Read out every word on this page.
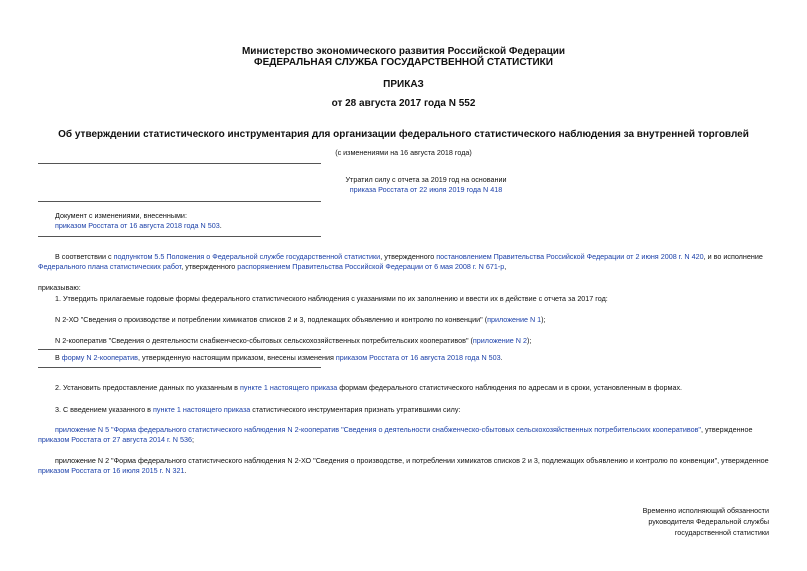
Министерство экономического развития Российской Федерации
ФЕДЕРАЛЬНАЯ СЛУЖБА ГОСУДАРСТВЕННОЙ СТАТИСТИКИ
ПРИКАЗ
от 28 августа 2017 года N 552
Об утверждении статистического инструментария для организации федерального статистического наблюдения за внутренней торговлей
(с изменениями на 16 августа 2018 года)
Утратил силу с отчета за 2019 год на основании
приказа Росстата от 22 июля 2019 года N 418
Документ с изменениями, внесенными:
приказом Росстата от 16 августа 2018 года N 503.
В соответствии с подпунктом 5.5 Положения о Федеральной службе государственной статистики, утвержденного постановлением Правительства Российской Федерации от 2 июня 2008 г. N 420, и во исполнение
Федерального плана статистических работ, утвержденного распоряжением Правительства Российской Федерации от 6 мая 2008 г. N 671-р,
приказываю:
1. Утвердить прилагаемые годовые формы федерального статистического наблюдения с указаниями по их заполнению и ввести их в действие с отчета за 2017 год:
N 2-ХО "Сведения о производстве и потреблении химикатов списков 2 и 3, подлежащих объявлению и контролю по конвенции" (приложение N 1);
N 2-кооператив "Сведения о деятельности снабженческо-сбытовых сельскохозяйственных потребительских кооперативов" (приложение N 2);
В форму N 2-кооператив, утвержденную настоящим приказом, внесены изменения приказом Росстата от 16 августа 2018 года N 503.
2. Установить предоставление данных по указанным в пункте 1 настоящего приказа формам федерального статистического наблюдения по адресам и в сроки, установленным в формах.
3. С введением указанного в пункте 1 настоящего приказа статистического инструментария признать утратившими силу:
приложение N 5 "Форма федерального статистического наблюдения N 2-кооператив "Сведения о деятельности снабженческо-сбытовых сельскохозяйственных потребительских кооперативов", утвержденное
приказом Росстата от 27 августа 2014 г. N 536;
приложение N 2 "Форма федерального статистического наблюдения N 2-ХО "Сведения о производстве, и потреблении химикатов списков 2 и 3, подлежащих объявлению и контролю по конвенции", утвержденное
приказом Росстата от 16 июля 2015 г. N 321.
Временно исполняющий обязанности
руководителя Федеральной службы
государственной статистики
